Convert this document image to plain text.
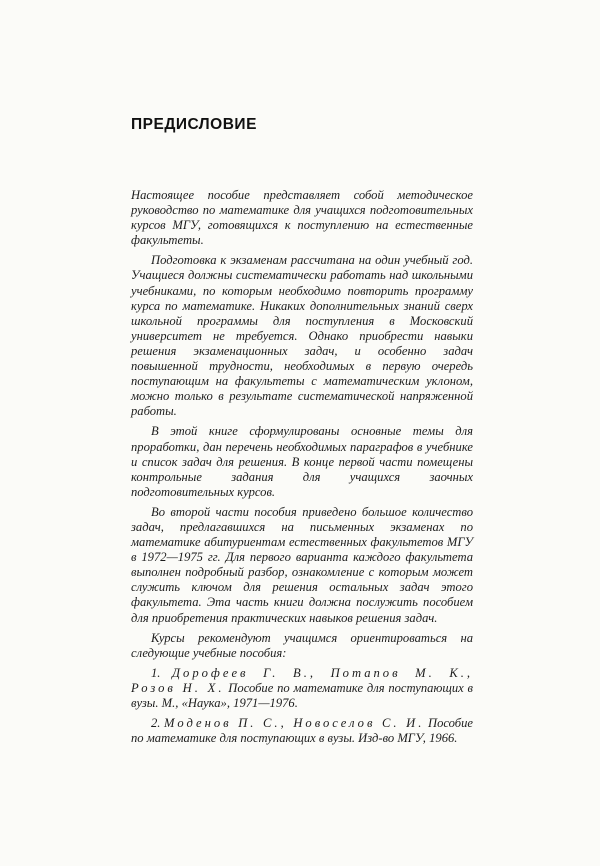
ПРЕДИСЛОВИЕ

Настоящее пособие представляет собой методическое руководство по математике для учащихся подготовительных курсов МГУ, готовящихся к поступлению на естественные факультеты.

Подготовка к экзаменам рассчитана на один учебный год. Учащиеся должны систематически работать над школьными учебниками, по которым необходимо повторить программу курса по математике. Никаких дополнительных знаний сверх школьной программы для поступления в Московский университет не требуется. Однако приобрести навыки решения экзаменационных задач, и особенно задач повышенной трудности, необходимых в первую очередь поступающим на факультеты с математическим уклоном, можно только в результате систематической напряженной работы.

В этой книге сформулированы основные темы для проработки, дан перечень необходимых параграфов в учебнике и список задач для решения. В конце первой части помещены контрольные задания для учащихся заочных подготовительных курсов.

Во второй части пособия приведено большое количество задач, предлагавшихся на письменных экзаменах по математике абитуриентам естественных факультетов МГУ в 1972—1975 гг. Для первого варианта каждого факультета выполнен подробный разбор, ознакомление с которым может служить ключом для решения остальных задач этого факультета. Эта часть книги должна послужить пособием для приобретения практических навыков решения задач.

Курсы рекомендуют учащимся ориентироваться на следующие учебные пособия:

1. Дорофеев Г. В., Потапов М. К., Розов Н. Х. Пособие по математике для поступающих в вузы. М., «Наука», 1971—1976.

2. Моденов П. С., Новоселов С. И. Пособие по математике для поступающих в вузы. Изд-во МГУ, 1966.
